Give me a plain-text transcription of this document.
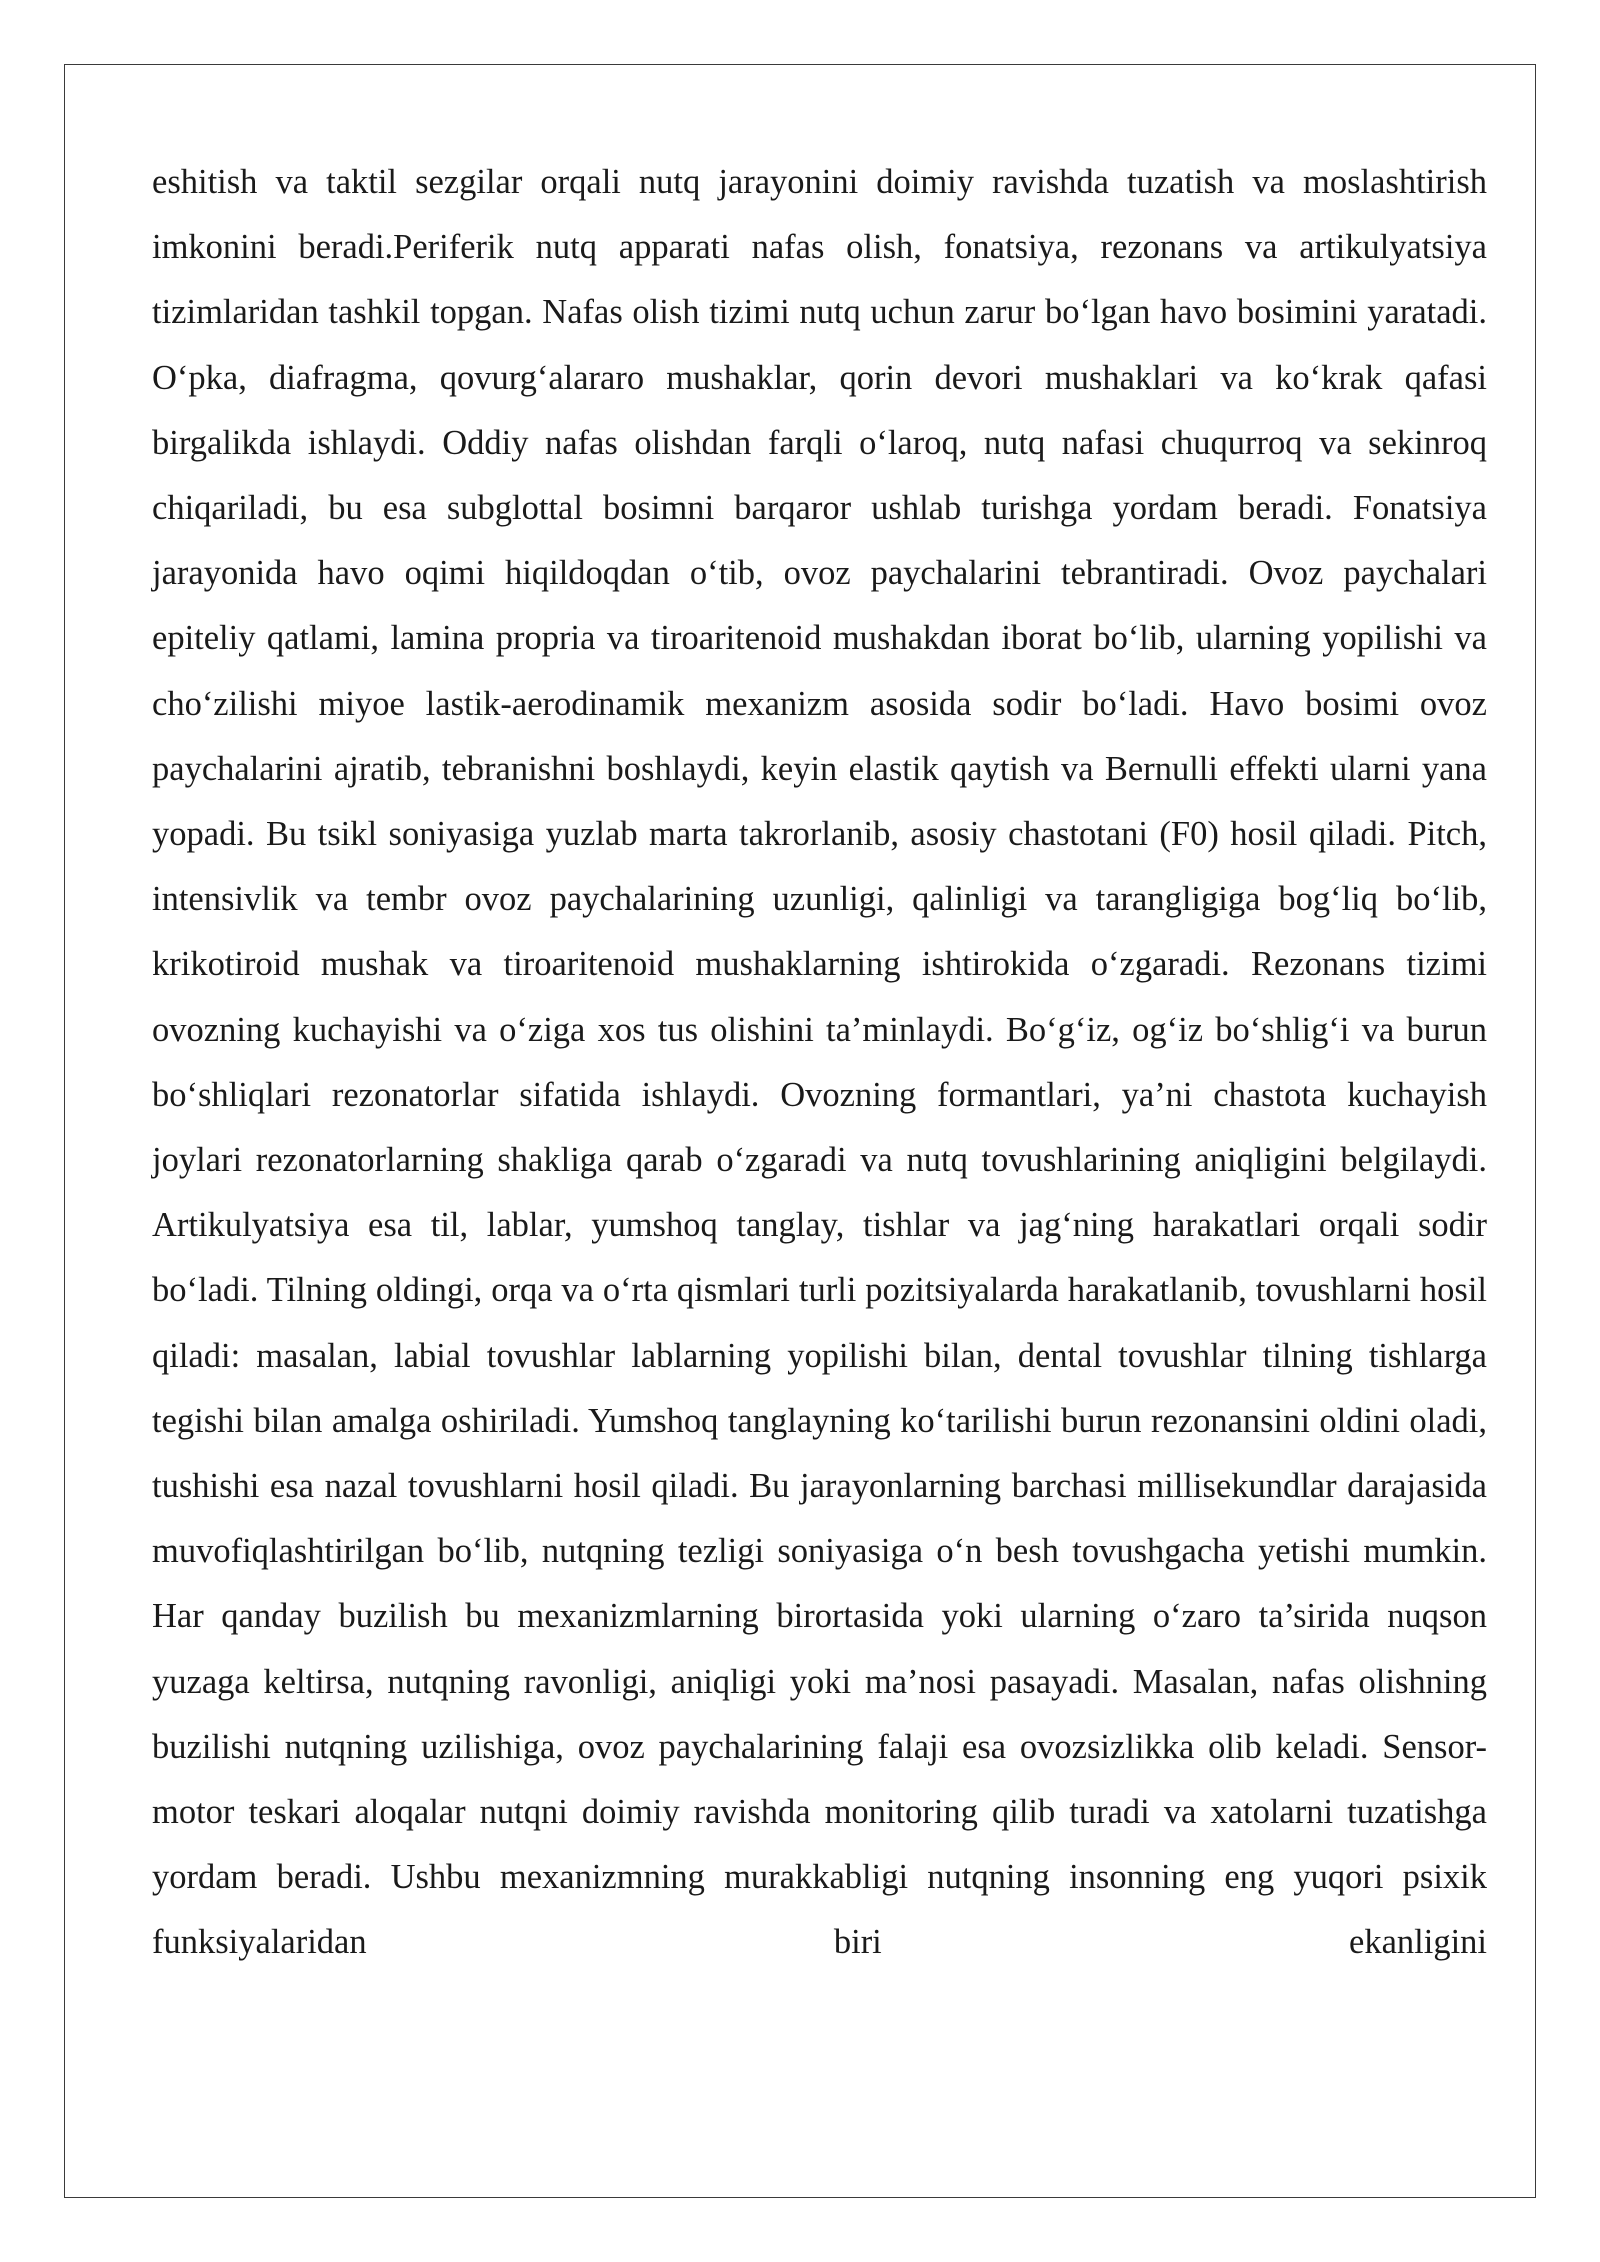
eshitish va taktil sezgilar orqali nutq jarayonini doimiy ravishda tuzatish va moslashtirish imkonini beradi.Periferik nutq apparati nafas olish, fonatsiya, rezonans va artikulyatsiya tizimlaridan tashkil topgan. Nafas olish tizimi nutq uchun zarur bo‘lgan havo bosimini yaratadi. O‘pka, diafragma, qovurg‘alararo mushaklar, qorin devori mushaklari va ko‘krak qafasi birgalikda ishlaydi. Oddiy nafas olishdan farqli o‘laroq, nutq nafasi chuqurroq va sekinroq chiqariladi, bu esa subglottal bosimni barqaror ushlab turishga yordam beradi. Fonatsiya jarayonida havo oqimi hiqildoqdan o‘tib, ovoz paychalarini tebrantiradi. Ovoz paychalari epiteliy qatlami, lamina propria va tiroaritenoid mushakdan iborat bo‘lib, ularning yopilishi va cho‘zilishi miyoe lastik-aerodinamik mexanizm asosida sodir bo‘ladi. Havo bosimi ovoz paychalarini ajratib, tebranishni boshlaydi, keyin elastik qaytish va Bernulli effekti ularni yana yopadi. Bu tsikl soniyasiga yuzlab marta takrorlanib, asosiy chastotani (F0) hosil qiladi. Pitch, intensivlik va tembr ovoz paychalarining uzunligi, qalinligi va tarangligiga bog‘liq bo‘lib, krikotiroid mushak va tiroaritenoid mushaklarning ishtirokida o‘zgaradi. Rezonans tizimi ovozning kuchayishi va o‘ziga xos tus olishini ta’minlaydi. Bo‘g‘iz, og‘iz bo‘shlig‘i va burun bo‘shliqlari rezonatorlar sifatida ishlaydi. Ovozning formantlari, ya’ni chastota kuchayish joylari rezonatorlarning shakliga qarab o‘zgaradi va nutq tovushlarining aniqligini belgilaydi. Artikulyatsiya esa til, lablar, yumshoq tanglay, tishlar va jag‘ning harakatlari orqali sodir bo‘ladi. Tilning oldingi, orqa va o‘rta qismlari turli pozitsiyalarda harakatlanib, tovushlarni hosil qiladi: masalan, labial tovushlar lablarning yopilishi bilan, dental tovushlar tilning tishlarga tegishi bilan amalga oshiriladi. Yumshoq tanglayning ko‘tarilishi burun rezonansini oldini oladi, tushishi esa nazal tovushlarni hosil qiladi. Bu jarayonlarning barchasi millisekundlar darajasida muvofiqlashtirilgan bo‘lib, nutqning tezligi soniyasiga o‘n besh tovushgacha yetishi mumkin. Har qanday buzilish bu mexanizmlarning birortasida yoki ularning o‘zaro ta’sirida nuqson yuzaga keltirsa, nutqning ravonligi, aniqligi yoki ma’nosi pasayadi. Masalan, nafas olishning buzilishi nutqning uzilishiga, ovoz paychalarining falaji esa ovozsizlikka olib keladi. Sensor-motor teskari aloqalar nutqni doimiy ravishda monitoring qilib turadi va xatolarni tuzatishga yordam beradi. Ushbu mexanizmning murakkabligi nutqning insonning eng yuqori psixik funksiyalaridan biri ekanligini
